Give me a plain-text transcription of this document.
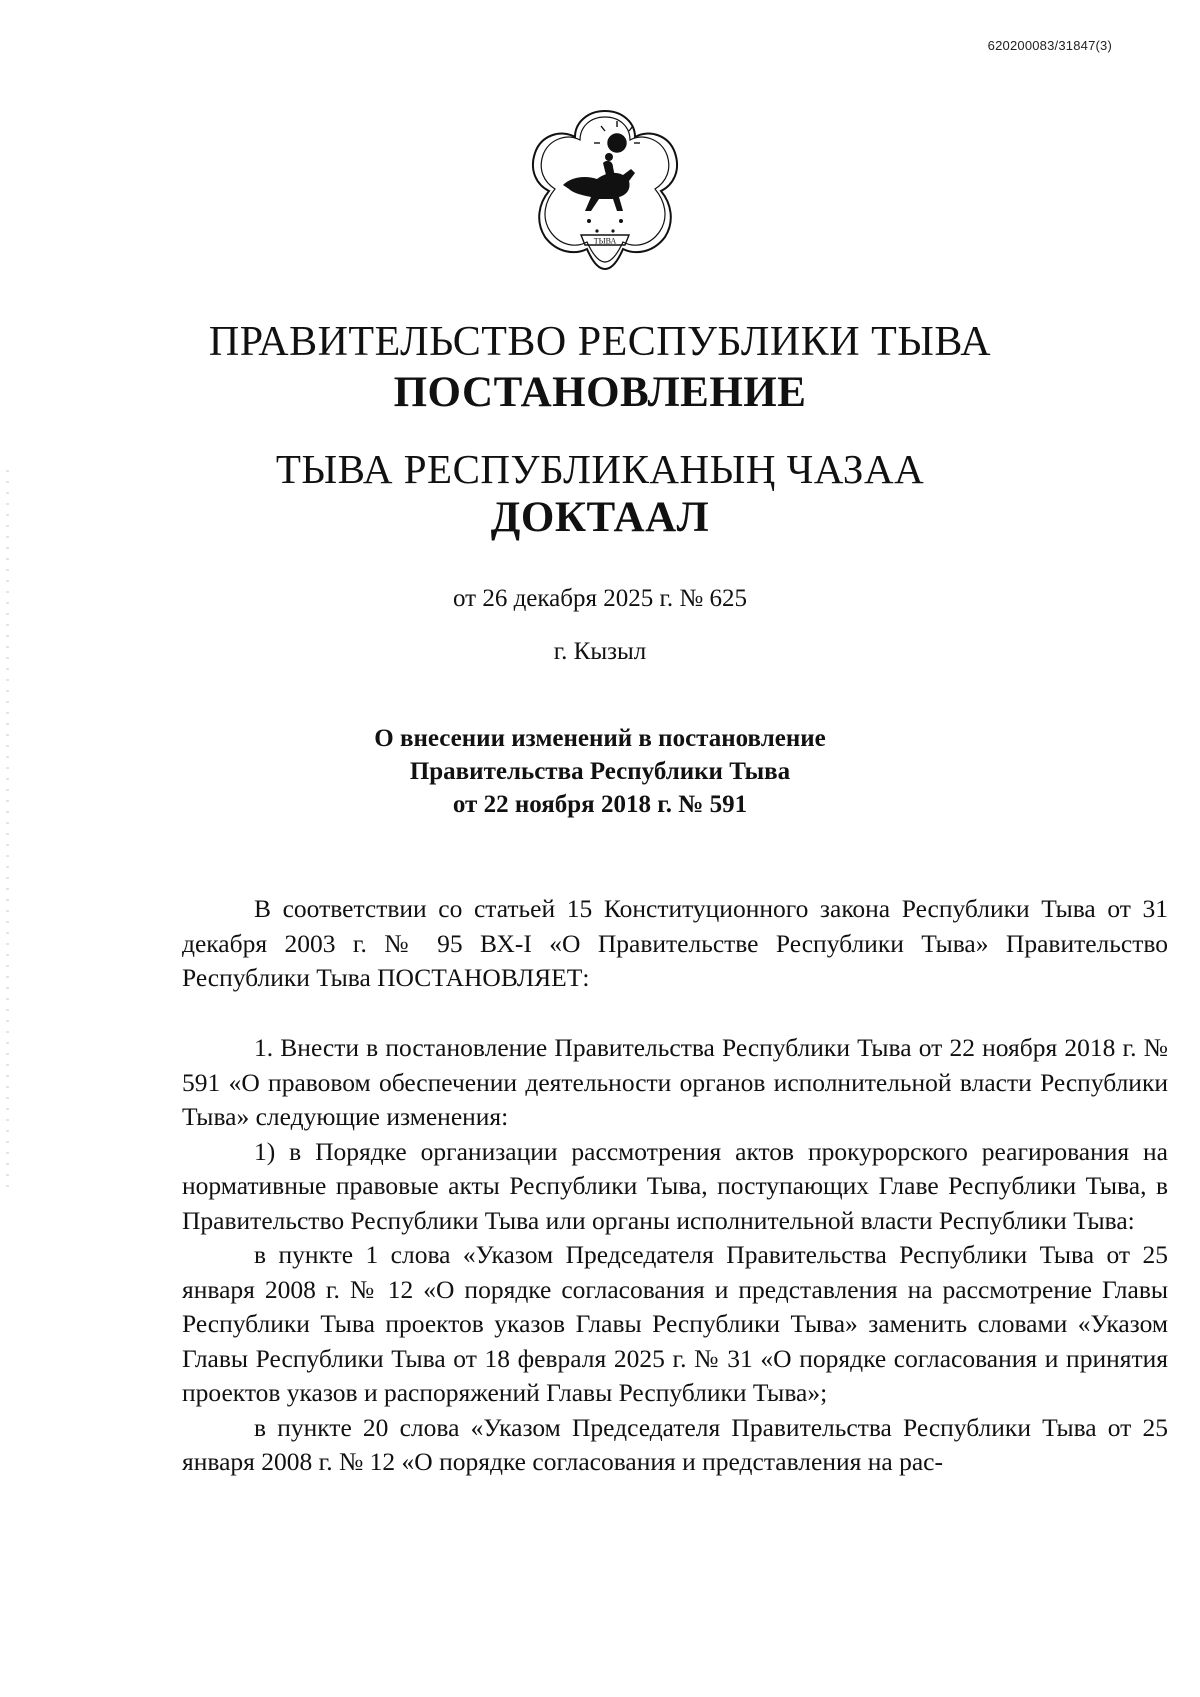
620200083/31847(3)
ТЫВА
ПРАВИТЕЛЬСТВО РЕСПУБЛИКИ ТЫВА
ПОСТАНОВЛЕНИЕ
ТЫВА РЕСПУБЛИКАНЫҢ ЧАЗАА
ДОКТААЛ
от 26 декабря 2025 г. № 625
г. Кызыл
О внесении изменений в постановление
Правительства Республики Тыва
от 22 ноября 2018 г. № 591

В соответствии со статьей 15 Конституционного закона Республики Тыва от 31 декабря 2003 г. № 95 ВХ-I «О Правительстве Республики Тыва» Правительство Республики Тыва ПОСТАНОВЛЯЕТ:

1. Внести в постановление Правительства Республики Тыва от 22 ноября 2018 г. № 591 «О правовом обеспечении деятельности органов исполнительной власти Республики Тыва» следующие изменения:

1) в Порядке организации рассмотрения актов прокурорского реагирования на нормативные правовые акты Республики Тыва, поступающих Главе Республики Тыва, в Правительство Республики Тыва или органы исполнительной власти Республики Тыва:

в пункте 1 слова «Указом Председателя Правительства Республики Тыва от 25 января 2008 г. № 12 «О порядке согласования и представления на рассмотрение Главы Республики Тыва проектов указов Главы Республики Тыва» заменить словами «Указом Главы Республики Тыва от 18 февраля 2025 г. № 31 «О порядке согласования и принятия проектов указов и распоряжений Главы Республики Тыва»;

в пункте 20 слова «Указом Председателя Правительства Республики Тыва от 25 января 2008 г. № 12 «О порядке согласования и представления на рас-
